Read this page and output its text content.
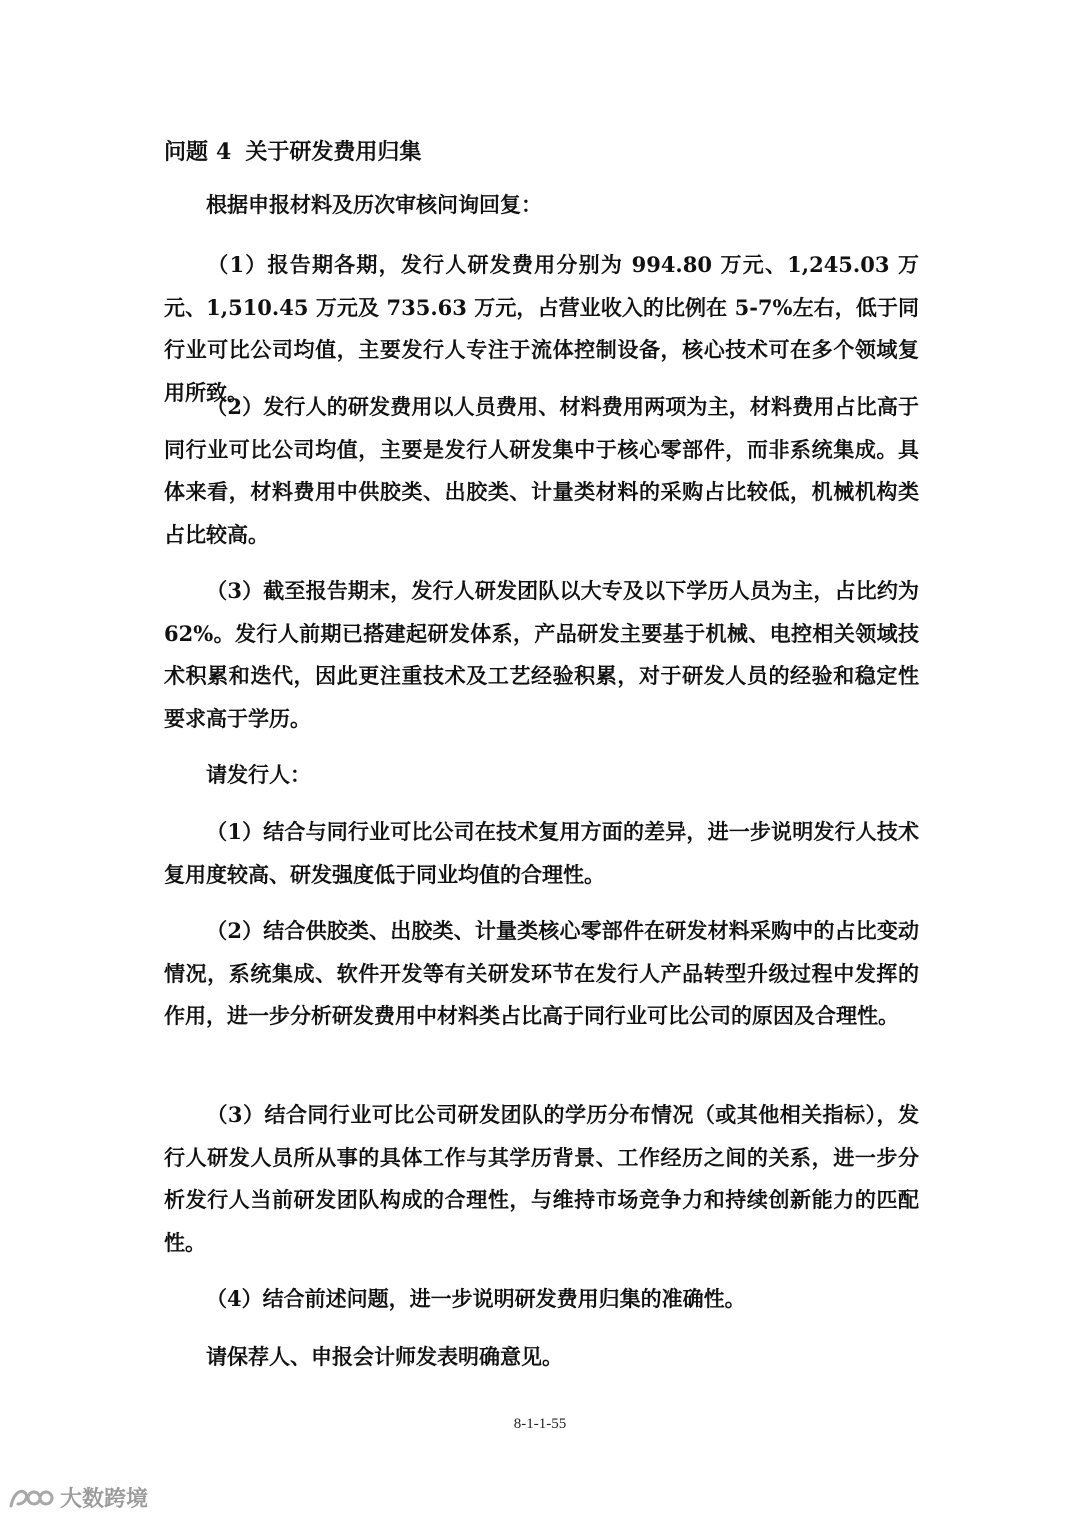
问题 4 关于研发费用归集

根据申报材料及历次审核问询回复：

（1）报告期各期，发行人研发费用分别为 994.80 万元、1,245.03 万元、1,510.45 万元及 735.63 万元，占营业收入的比例在 5-7%左右，低于同行业可比公司均值，主要发行人专注于流体控制设备，核心技术可在多个领域复用所致。

（2）发行人的研发费用以人员费用、材料费用两项为主，材料费用占比高于同行业可比公司均值，主要是发行人研发集中于核心零部件，而非系统集成。具体来看，材料费用中供胶类、出胶类、计量类材料的采购占比较低，机械机构类占比较高。

（3）截至报告期末，发行人研发团队以大专及以下学历人员为主，占比约为 62%。发行人前期已搭建起研发体系，产品研发主要基于机械、电控相关领域技术积累和迭代，因此更注重技术及工艺经验积累，对于研发人员的经验和稳定性要求高于学历。

请发行人：

（1）结合与同行业可比公司在技术复用方面的差异，进一步说明发行人技术复用度较高、研发强度低于同业均值的合理性。

（2）结合供胶类、出胶类、计量类核心零部件在研发材料采购中的占比变动情况，系统集成、软件开发等有关研发环节在发行人产品转型升级过程中发挥的作用，进一步分析研发费用中材料类占比高于同行业可比公司的原因及合理性。

（3）结合同行业可比公司研发团队的学历分布情况（或其他相关指标），发行人研发人员所从事的具体工作与其学历背景、工作经历之间的关系，进一步分析发行人当前研发团队构成的合理性，与维持市场竞争力和持续创新能力的匹配性。

（4）结合前述问题，进一步说明研发费用归集的准确性。

请保荐人、申报会计师发表明确意见。

8-1-1-55
大数跨境
